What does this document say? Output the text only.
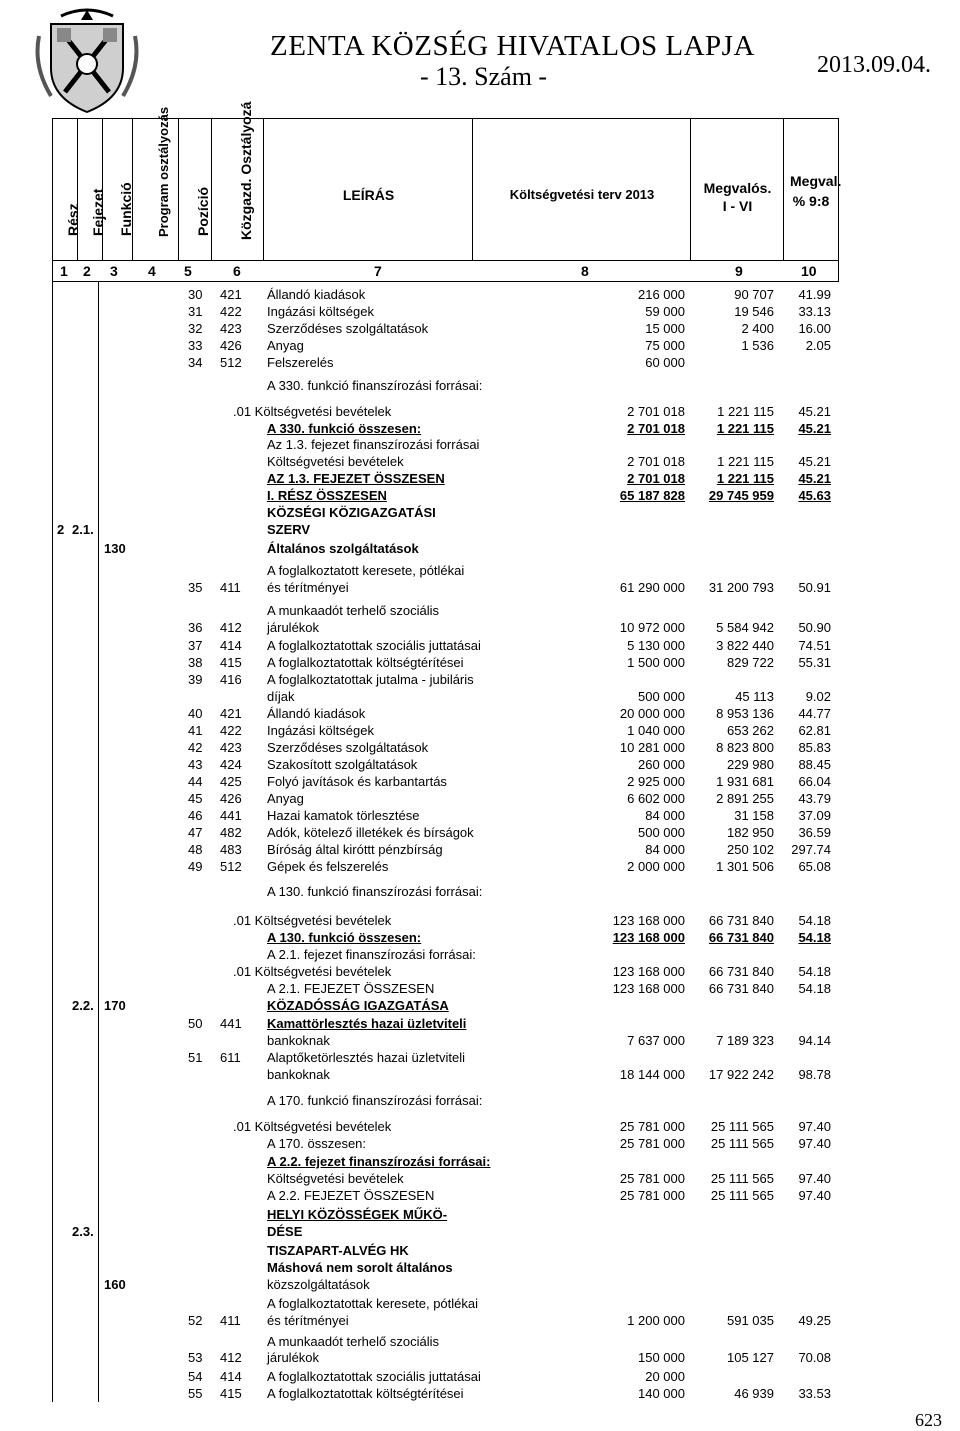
ZENTA KÖZSÉG HIVATALOS LAPJA
- 13. Szám -	2013.09.04.
Rész Fejezet Funkció Program osztályozás Pozíció Közgazd. Osztályozá	LEÍRÁS	Költségvetési terv 2013	Megvalós. I - VI
Megval. % 9:8
1 2 3 4 5	6	7	8	9	10
30 421 Állandó kiadások	216 000	90 707	41.99
31 422 Ingázási költségek	59 000	19 546	33.13
32 423 Szerződéses szolgáltatások	15 000	2 400	16.00
33 426 Anyag	75 000	1 536	2.05
34 512 Felszerelés	60 000
A 330. funkció finanszírozási forrásai:
.01 Költségvetési bevételek	2 701 018	1 221 115	45.21
A 330. funkció összesen:	2 701 018	1 221 115	45.21
Az 1.3. fejezet finanszírozási forrásai
Költségvetési bevételek	2 701 018	1 221 115	45.21
AZ 1.3. FEJEZET ÖSSZESEN	2 701 018	1 221 115	45.21
I. RÉSZ ÖSSZESEN	65 187 828	29 745 959	45.63
KÖZSÉGI KÖZIGAZGATÁSI
2 2.1.	SZERV
130	Általános szolgáltatások
A foglalkoztatott keresete, pótlékai
35 411 és térítményei	61 290 000	31 200 793	50.91
A munkaadót terhelő szociális
36 412 járulékok	10 972 000	5 584 942	50.90
37 414 A foglalkoztatottak szociális juttatásai	5 130 000	3 822 440	74.51
38 415 A foglalkoztatottak költségtérítései	1 500 000	829 722	55.31
39 416 A foglalkoztatottak jutalma - jubiláris
díjak	500 000	45 113	9.02
40 421 Állandó kiadások	20 000 000	8 953 136	44.77
41 422 Ingázási költségek	1 040 000	653 262	62.81
42 423 Szerződéses szolgáltatások	10 281 000	8 823 800	85.83
43 424 Szakosított szolgáltatások	260 000	229 980	88.45
44 425 Folyó javítások és karbantartás	2 925 000	1 931 681	66.04
45 426 Anyag	6 602 000	2 891 255	43.79
46 441 Hazai kamatok törlesztése	84 000	31 158	37.09
47 482 Adók, kötelező illetékek és bírságok	500 000	182 950	36.59
48 483 Bíróság által kiróttt pénzbírság	84 000	250 102	297.74
49 512 Gépek és felszerelés	2 000 000	1 301 506	65.08
A 130. funkció finanszírozási forrásai:
.01 Költségvetési bevételek	123 168 000	66 731 840	54.18
A 130. funkció összesen:	123 168 000	66 731 840	54.18
A 2.1. fejezet finanszírozási forrásai:
.01 Költségvetési bevételek	123 168 000	66 731 840	54.18
A 2.1. FEJEZET ÖSSZESEN	123 168 000	66 731 840	54.18
2.2. 170	KÖZADÓSSÁG IGAZGATÁSA
50 441 Kamattörlesztés hazai üzletviteli
bankoknak	7 637 000	7 189 323	94.14
51 611 Alaptőketörlesztés hazai üzletviteli
bankoknak	18 144 000	17 922 242	98.78
A 170. funkció finanszírozási forrásai:
.01 Költségvetési bevételek	25 781 000	25 111 565	97.40
A 170. összesen:	25 781 000	25 111 565	97.40
A 2.2. fejezet finanszírozási forrásai:
Költségvetési bevételek	25 781 000	25 111 565	97.40
A 2.2. FEJEZET ÖSSZESEN	25 781 000	25 111 565	97.40
HELYI KÖZÖSSÉGEK MŰKÖ-
2.3.	DÉSE
TISZAPART-ALVÉG HK
Máshová nem sorolt általános
160	közszolgáltatások
A foglalkoztatottak keresete, pótlékai
52 411 és térítményei	1 200 000	591 035	49.25
A munkaadót terhelő szociális
53 412 járulékok	150 000	105 127	70.08
54 414 A foglalkoztatottak szociális juttatásai	20 000
55 415 A foglalkoztatottak költségtérítései	140 000	46 939	33.53
623
